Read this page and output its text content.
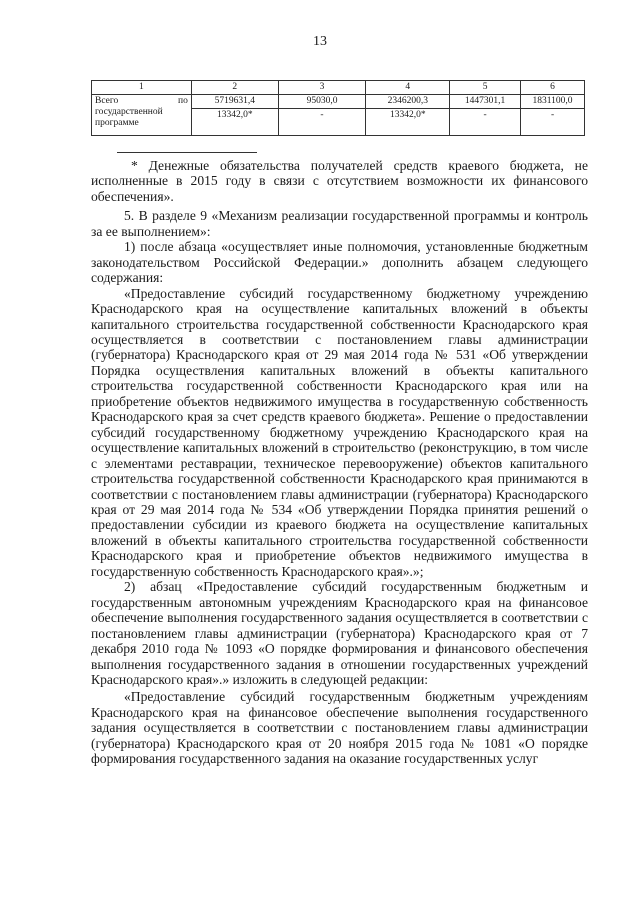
13
1	2	3	4	5	6
Всего по государственной программе	5719631,4	95030,0	2346200,3	1447301,1	1831100,0
	13342,0*	-	13342,0*	-	-

* Денежные обязательства получателей средств краевого бюджета, не исполненные в 2015 году в связи с отсутствием возможности их финансового обеспечения».

5. В разделе 9 «Механизм реализации государственной программы и контроль за ее выполнением»:

1) после абзаца «осуществляет иные полномочия, установленные бюджетным законодательством Российской Федерации.» дополнить абзацем следующего содержания:

«Предоставление субсидий государственному бюджетному учреждению Краснодарского края на осуществление капитальных вложений в объекты капитального строительства государственной собственности Краснодарского края осуществляется в соответствии с постановлением главы администрации (губернатора) Краснодарского края от 29 мая 2014 года № 531 «Об утверждении Порядка осуществления капитальных вложений в объекты капитального строительства государственной собственности Краснодарского края или на приобретение объектов недвижимого имущества в государственную собственность Краснодарского края за счет средств краевого бюджета». Решение о предоставлении субсидий государственному бюджетному учреждению Краснодарского края на осуществление капитальных вложений в строительство (реконструкцию, в том числе с элементами реставрации, техническое перевооружение) объектов капитального строительства государственной собственности Краснодарского края принимаются в соответствии с постановлением главы администрации (губернатора) Краснодарского края от 29 мая 2014 года № 534 «Об утверждении Порядка принятия решений о предоставлении субсидии из краевого бюджета на осуществление капитальных вложений в объекты капитального строительства государственной собственности Краснодарского края и приобретение объектов недвижимого имущества в государственную собственность Краснодарского края».»;

2) абзац «Предоставление субсидий государственным бюджетным и государственным автономным учреждениям Краснодарского края на финансовое обеспечение выполнения государственного задания осуществляется в соответствии с постановлением главы администрации (губернатора) Краснодарского края от 7 декабря 2010 года № 1093 «О порядке формирования и финансового обеспечения выполнения государственного задания в отношении государственных учреждений Краснодарского края».» изложить в следующей редакции:

«Предоставление субсидий государственным бюджетным учреждениям Краснодарского края на финансовое обеспечение выполнения государственного задания осуществляется в соответствии с постановлением главы администрации (губернатора) Краснодарского края от 20 ноября 2015 года № 1081 «О порядке формирования государственного задания на оказание государственных услуг
